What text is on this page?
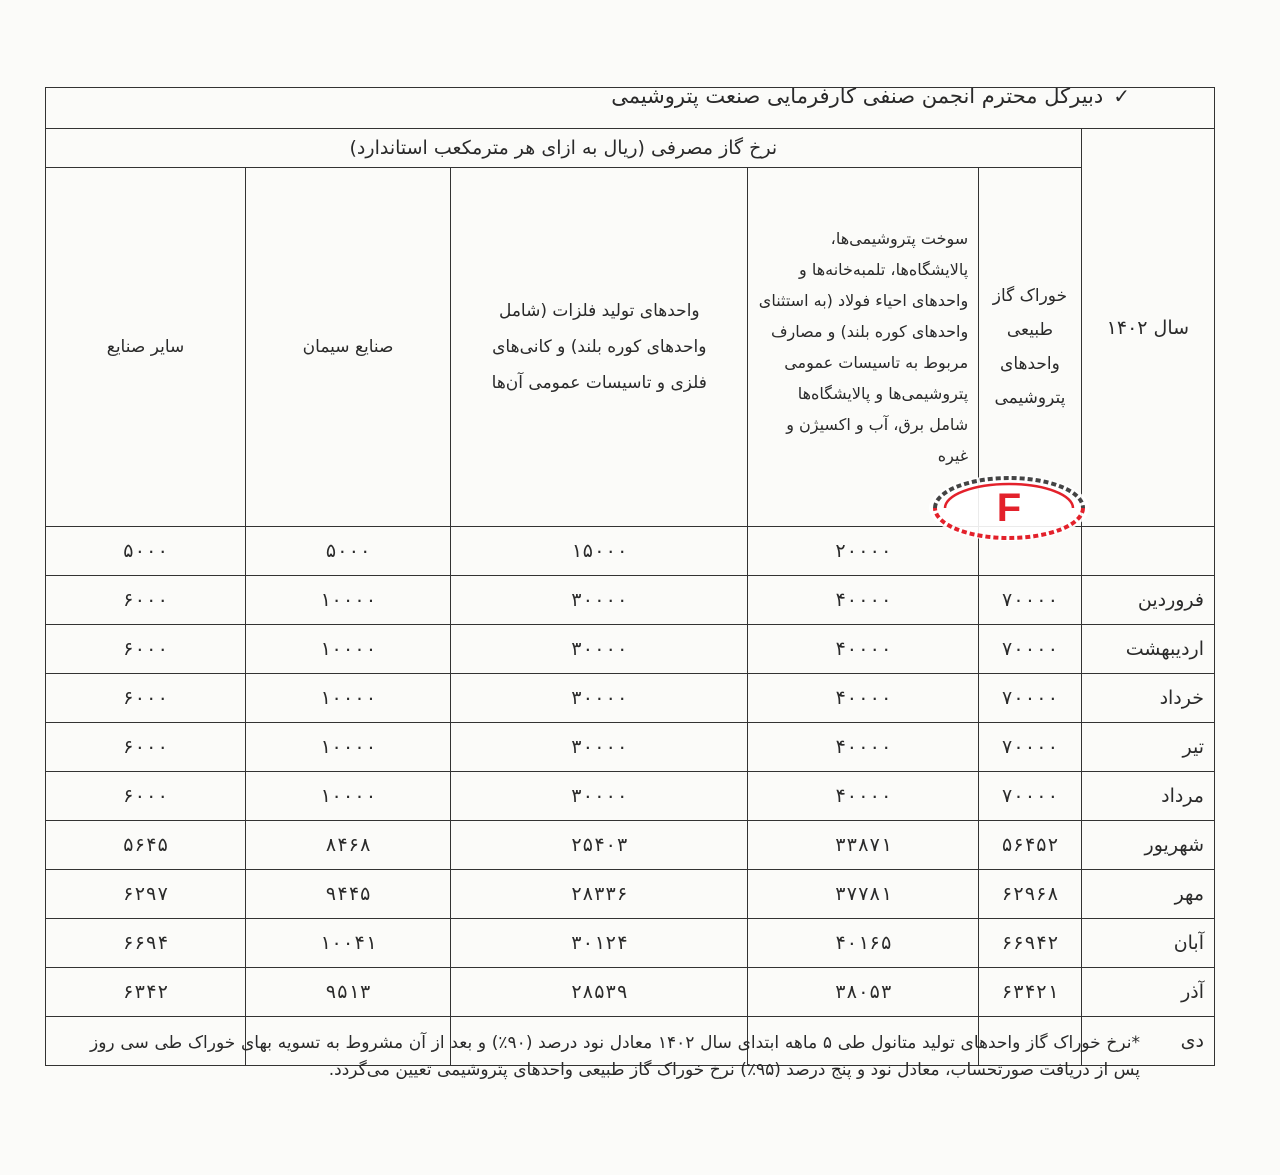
✓دبیرکل محترم انجمن صنفی کارفرمایی صنعت پتروشیمی

سال ۱۴۰۲	نرخ گاز مصرفی (ریال به ازای هر مترمکعب استاندارد)				
	خوراک گاز طبیعی واحدهای پتروشیمی	سوخت پتروشیمی‌ها، پالایشگاه‌ها، تلمبه‌خانه‌ها و واحدهای احیاء فولاد (به استثنای واحدهای کوره بلند) و مصارف مربوط به تاسیسات عمومی پتروشیمی‌ها و پالایشگاه‌ها شامل برق، آب و اکسیژن و غیره	واحدهای تولید فلزات (شامل واحدهای کوره بلند) و کانی‌های فلزی و تاسیسات عمومی آن‌ها	صنایع سیمان	سایر صنایع
		۲۰۰۰۰	۱۵۰۰۰	۵۰۰۰	۵۰۰۰
فروردین	۷۰۰۰۰	۴۰۰۰۰	۳۰۰۰۰	۱۰۰۰۰	۶۰۰۰
اردیبهشت	۷۰۰۰۰	۴۰۰۰۰	۳۰۰۰۰	۱۰۰۰۰	۶۰۰۰
خرداد	۷۰۰۰۰	۴۰۰۰۰	۳۰۰۰۰	۱۰۰۰۰	۶۰۰۰
تیر	۷۰۰۰۰	۴۰۰۰۰	۳۰۰۰۰	۱۰۰۰۰	۶۰۰۰
مرداد	۷۰۰۰۰	۴۰۰۰۰	۳۰۰۰۰	۱۰۰۰۰	۶۰۰۰
شهریور	۵۶۴۵۲	۳۳۸۷۱	۲۵۴۰۳	۸۴۶۸	۵۶۴۵
مهر	۶۲۹۶۸	۳۷۷۸۱	۲۸۳۳۶	۹۴۴۵	۶۲۹۷
آبان	۶۶۹۴۲	۴۰۱۶۵	۳۰۱۲۴	۱۰۰۴۱	۶۶۹۴
آذر	۶۳۴۲۱	۳۸۰۵۳	۲۸۵۳۹	۹۵۱۳	۶۳۴۲
دی					
F
*نرخ خوراک گاز واحدهای تولید متانول طی ۵ ماهه ابتدای سال ۱۴۰۲ معادل نود درصد (۹۰٪) و بعد از آن مشروط به تسویه بهای خوراک طی سی روز پس از دریافت صورتحساب، معادل نود و پنج درصد (۹۵٪) نرخ خوراک گاز طبیعی واحدهای پتروشیمی تعیین می‌گردد.
